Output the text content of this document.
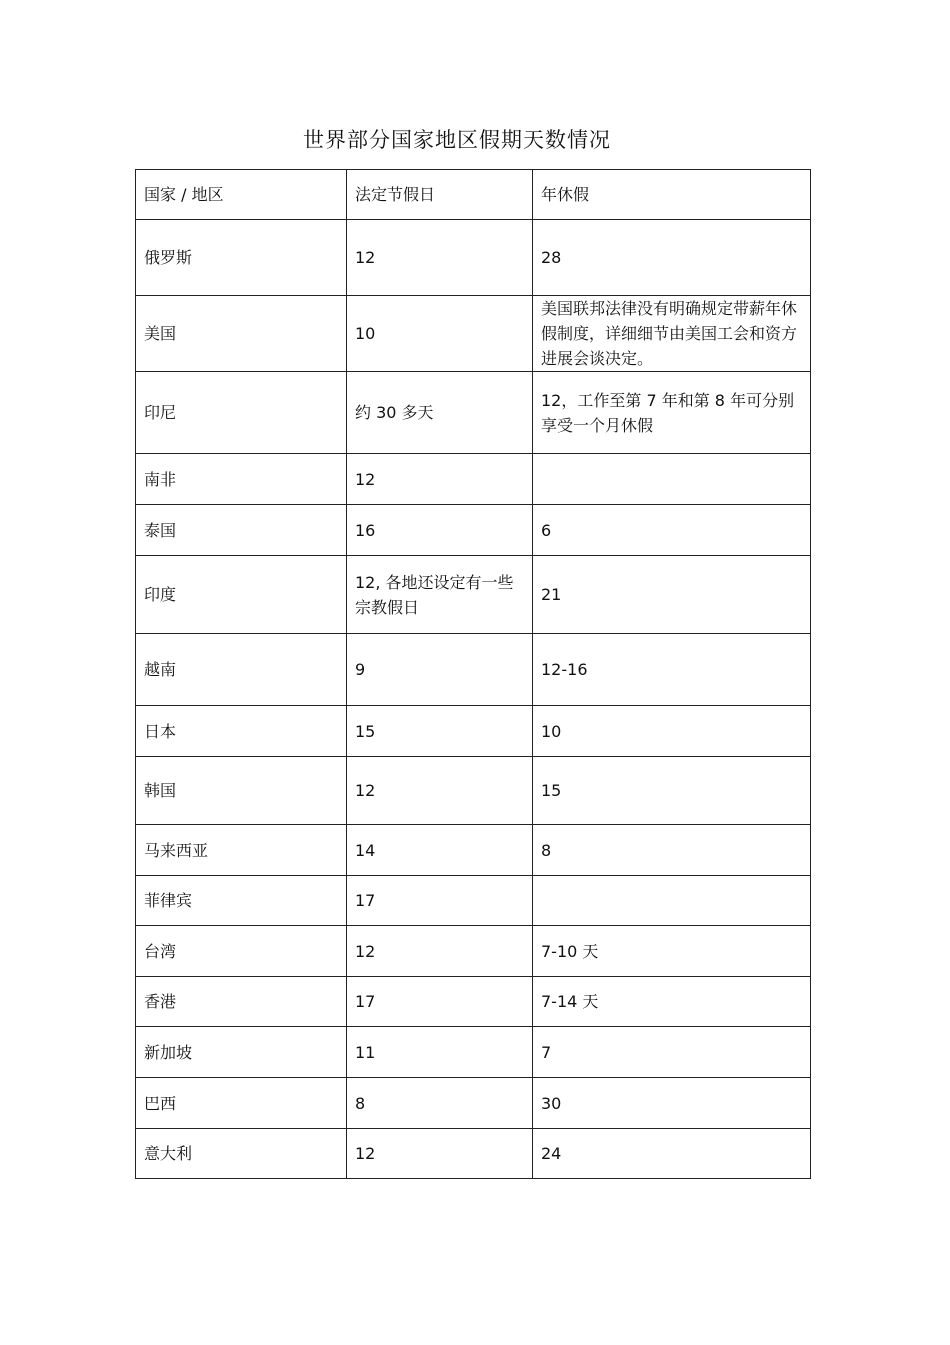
世界部分国家地区假期天数情况
国家 / 地区	法定节假日	年休假
俄罗斯	12	28
美国	10	美国联邦法律没有明确规定带薪年休假制度，详细细节由美国工会和资方进展会谈决定。
印尼	约 30 多天	12，工作至第 7 年和第 8 年可分别享受一个月休假
南非	12	
泰国	16	6
印度	12, 各地还设定有一些宗教假日	21
越南	9	12-16
日本	15	10
韩国	12	15
马来西亚	14	8
菲律宾	17	
台湾	12	7-10 天
香港	17	7-14 天
新加坡	11	7
巴西	8	30
意大利	12	24
